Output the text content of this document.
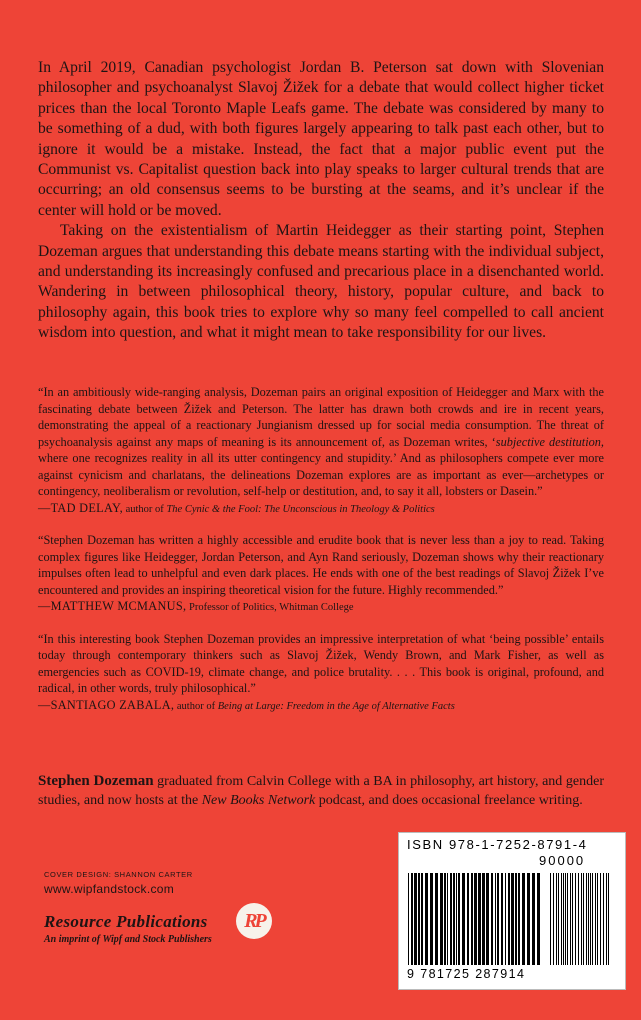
In April 2019, Canadian psychologist Jordan B. Peterson sat down with Slovenian philosopher and psychoanalyst Slavoj Žižek for a debate that would collect higher ticket prices than the local Toronto Maple Leafs game. The debate was considered by many to be something of a dud, with both figures largely appearing to talk past each other, but to ignore it would be a mistake. Instead, the fact that a major public event put the Communist vs. Capitalist question back into play speaks to larger cultural trends that are occurring; an old consensus seems to be bursting at the seams, and it’s unclear if the center will hold or be moved.

Taking on the existentialism of Martin Heidegger as their starting point, Stephen Dozeman argues that understanding this debate means starting with the individual subject, and understanding its increasingly confused and precarious place in a disenchanted world. Wandering in between philosophical theory, history, popular culture, and back to philosophy again, this book tries to explore why so many feel compelled to call ancient wisdom into question, and what it might mean to take responsibility for our lives.

“In an ambitiously wide-ranging analysis, Dozeman pairs an original exposition of Heidegger and Marx with the fascinating debate between Žižek and Peterson. The latter has drawn both crowds and ire in recent years, demonstrating the appeal of a reactionary Jungianism dressed up for social media consumption. The threat of psychoanalysis against any maps of meaning is its announcement of, as Dozeman writes, ‘subjective destitution, where one recognizes reality in all its utter contingency and stupidity.’ And as philosophers compete ever more against cynicism and charlatans, the delineations Dozeman explores are as important as ever—archetypes or contingency, neoliberalism or revolution, self-help or destitution, and, to say it all, lobsters or Dasein.”

—TAD DELAY, author of The Cynic & the Fool: The Unconscious in Theology & Politics

“Stephen Dozeman has written a highly accessible and erudite book that is never less than a joy to read. Taking complex figures like Heidegger, Jordan Peterson, and Ayn Rand seriously, Dozeman shows why their reactionary impulses often lead to unhelpful and even dark places. He ends with one of the best readings of Slavoj Žižek I’ve encountered and provides an inspiring theoretical vision for the future. Highly recommended.”

—MATTHEW MCMANUS, Professor of Politics, Whitman College

“In this interesting book Stephen Dozeman provides an impressive interpretation of what ‘being possible’ entails today through contemporary thinkers such as Slavoj Žižek, Wendy Brown, and Mark Fisher, as well as emergencies such as COVID-19, climate change, and police brutality. . . . This book is original, profound, and radical, in other words, truly philosophical.”

—SANTIAGO ZABALA, author of Being at Large: Freedom in the Age of Alternative Facts

Stephen Dozeman graduated from Calvin College with a BA in philosophy, art history, and gender studies, and now hosts at the New Books Network podcast, and does occasional freelance writing.

COVER DESIGN: SHANNON CARTER

www.wipfandstock.com

Resource Publications

An imprint of Wipf and Stock Publishers

RP
ISBN 978-1-7252-8791-4
90000
9 781725 287914
